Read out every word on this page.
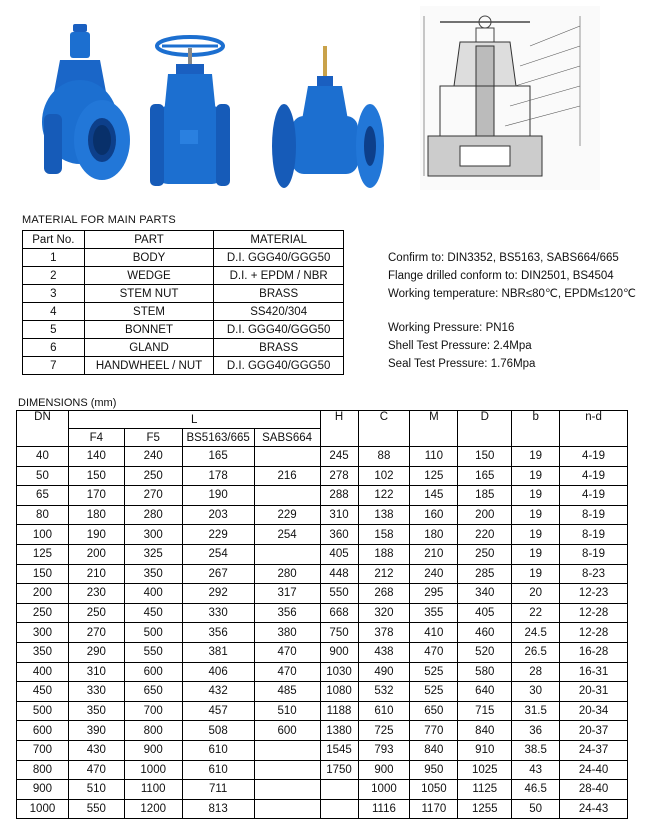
MATERIAL FOR MAIN PARTS
Part No.	PART	MATERIAL
1	BODY	D.I. GGG40/GGG50
2	WEDGE	D.I. + EPDM / NBR
3	STEM NUT	BRASS
4	STEM	SS420/304
5	BONNET	D.I. GGG40/GGG50
6	GLAND	BRASS
7	HANDWHEEL / NUT	D.I. GGG40/GGG50
Confirm to: DIN3352, BS5163, SABS664/665
Flange drilled conform to: DIN2501, BS4504
Working temperature: NBR≤80℃, EPDM≤120℃
Working Pressure: PN16
Shell Test Pressure: 2.4Mpa
Seal Test Pressure: 1.76Mpa
DIMENSIONS (mm)
DN	L				H	C	M	D	b	n-d
	F4	F5	BS5163/665	SABS664						
40	140	240	165		245	88	110	150	19	4-19
50	150	250	178	216	278	102	125	165	19	4-19
65	170	270	190		288	122	145	185	19	4-19
80	180	280	203	229	310	138	160	200	19	8-19
100	190	300	229	254	360	158	180	220	19	8-19
125	200	325	254		405	188	210	250	19	8-19
150	210	350	267	280	448	212	240	285	19	8-23
200	230	400	292	317	550	268	295	340	20	12-23
250	250	450	330	356	668	320	355	405	22	12-28
300	270	500	356	380	750	378	410	460	24.5	12-28
350	290	550	381	470	900	438	470	520	26.5	16-28
400	310	600	406	470	1030	490	525	580	28	16-31
450	330	650	432	485	1080	532	525	640	30	20-31
500	350	700	457	510	1188	610	650	715	31.5	20-34
600	390	800	508	600	1380	725	770	840	36	20-37
700	430	900	610		1545	793	840	910	38.5	24-37
800	470	1000	610		1750	900	950	1025	43	24-40
900	510	1100	711			1000	1050	1125	46.5	28-40
1000	550	1200	813			1116	1170	1255	50	24-43
